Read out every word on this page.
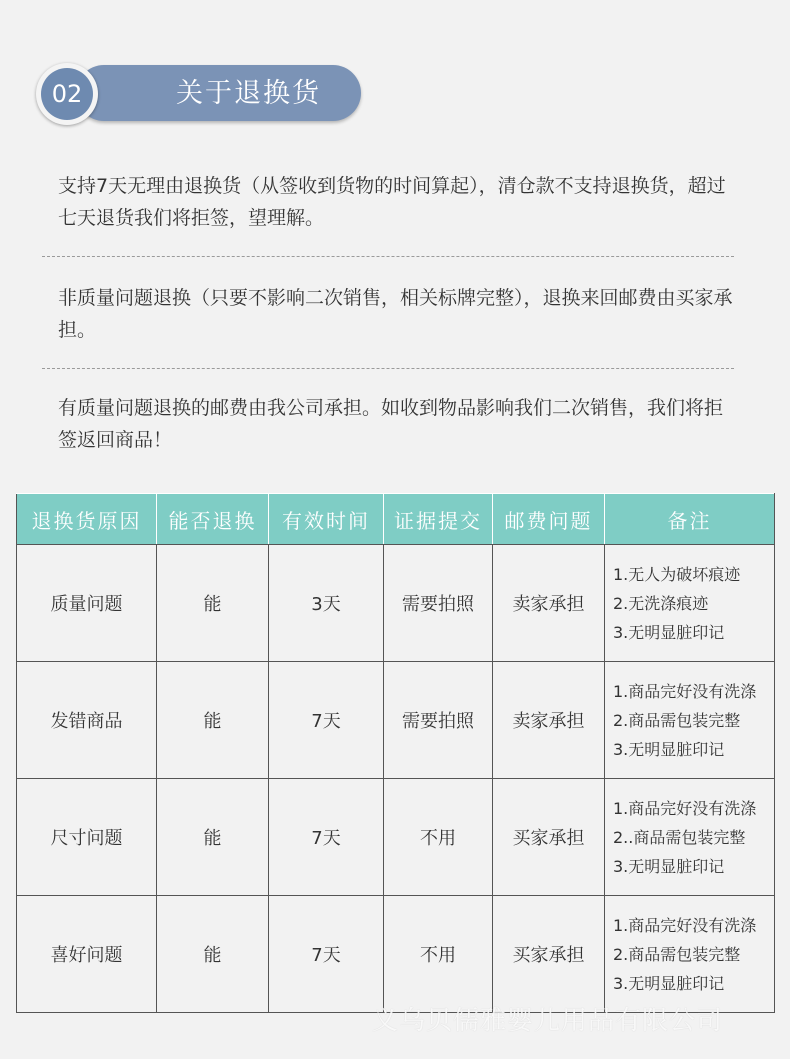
关于退换货
02
支持7天无理由退换货（从签收到货物的时间算起），清仓款不支持退换货，超过七天退货我们将拒签，望理解。
非质量问题退换（只要不影响二次销售，相关标牌完整），退换来回邮费由买家承担。
有质量问题退换的邮费由我公司承担。如收到物品影响我们二次销售，我们将拒签返回商品！
退换货原因	能否退换	有效时间	证据提交	邮费问题	备注
质量问题	能	3天	需要拍照	卖家承担	1.无人为破坏痕迹
2.无洗涤痕迹
3.无明显脏印记

发错商品	能	7天	需要拍照	卖家承担	1.商品完好没有洗涤
2.商品需包装完整
3.无明显脏印记

尺寸问题	能	7天	不用	买家承担	1.商品完好没有洗涤
2..商品需包装完整
3.无明显脏印记

喜好问题	能	7天	不用	买家承担	1.商品完好没有洗涤
2.商品需包装完整
3.无明显脏印记
义乌贝儒雅婴儿用品有限公司
